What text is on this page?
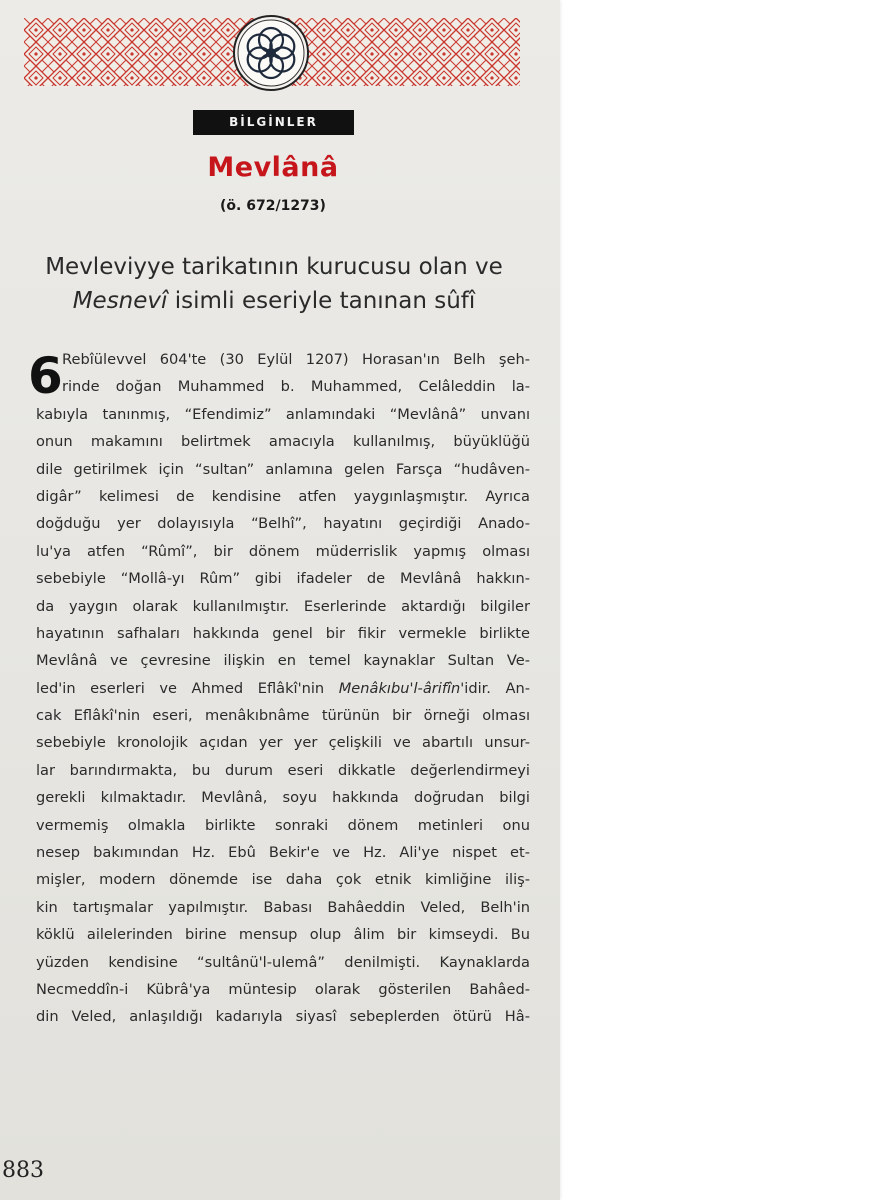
BİLGİNLER
Mevlânâ
(ö. 672/1273)
Mevleviyye tarikatının kurucusu olan ve
Mesnevî isimli eseriyle tanınan sûfî
6 Rebîülevvel 604'te (30 Eylül 1207) Horasan'ın Belh şeh-
rinde doğan Muhammed b. Muhammed, Celâleddin la-
kabıyla tanınmış, “Efendimiz” anlamındaki “Mevlânâ” unvanı
onun makamını belirtmek amacıyla kullanılmış, büyüklüğü
dile getirilmek için “sultan” anlamına gelen Farsça “hudâven-
digâr” kelimesi de kendisine atfen yaygınlaşmıştır. Ayrıca
doğduğu yer dolayısıyla “Belhî”, hayatını geçirdiği Anado-
lu'ya atfen “Rûmî”, bir dönem müderrislik yapmış olması
sebebiyle “Mollâ-yı Rûm” gibi ifadeler de Mevlânâ hakkın-
da yaygın olarak kullanılmıştır. Eserlerinde aktardığı bilgiler
hayatının safhaları hakkında genel bir fikir vermekle birlikte
Mevlânâ ve çevresine ilişkin en temel kaynaklar Sultan Ve-
led'in eserleri ve Ahmed Eflâkî'nin Menâkıbu'l-ârifîn'idir. An-
cak Eflâkî'nin eseri, menâkıbnâme türünün bir örneği olması
sebebiyle kronolojik açıdan yer yer çelişkili ve abartılı unsur-
lar barındırmakta, bu durum eseri dikkatle değerlendirmeyi
gerekli kılmaktadır. Mevlânâ, soyu hakkında doğrudan bilgi
vermemiş olmakla birlikte sonraki dönem metinleri onu
nesep bakımından Hz. Ebû Bekir'e ve Hz. Ali'ye nispet et-
mişler, modern dönemde ise daha çok etnik kimliğine iliş-
kin tartışmalar yapılmıştır. Babası Bahâeddin Veled, Belh'in
köklü ailelerinden birine mensup olup âlim bir kimseydi. Bu
yüzden kendisine “sultânü'l-ulemâ” denilmişti. Kaynaklarda
Necmeddîn-i Kübrâ'ya müntesip olarak gösterilen Bahâed-
din Veled, anlaşıldığı kadarıyla siyasî sebeplerden ötürü Hâ-
883
